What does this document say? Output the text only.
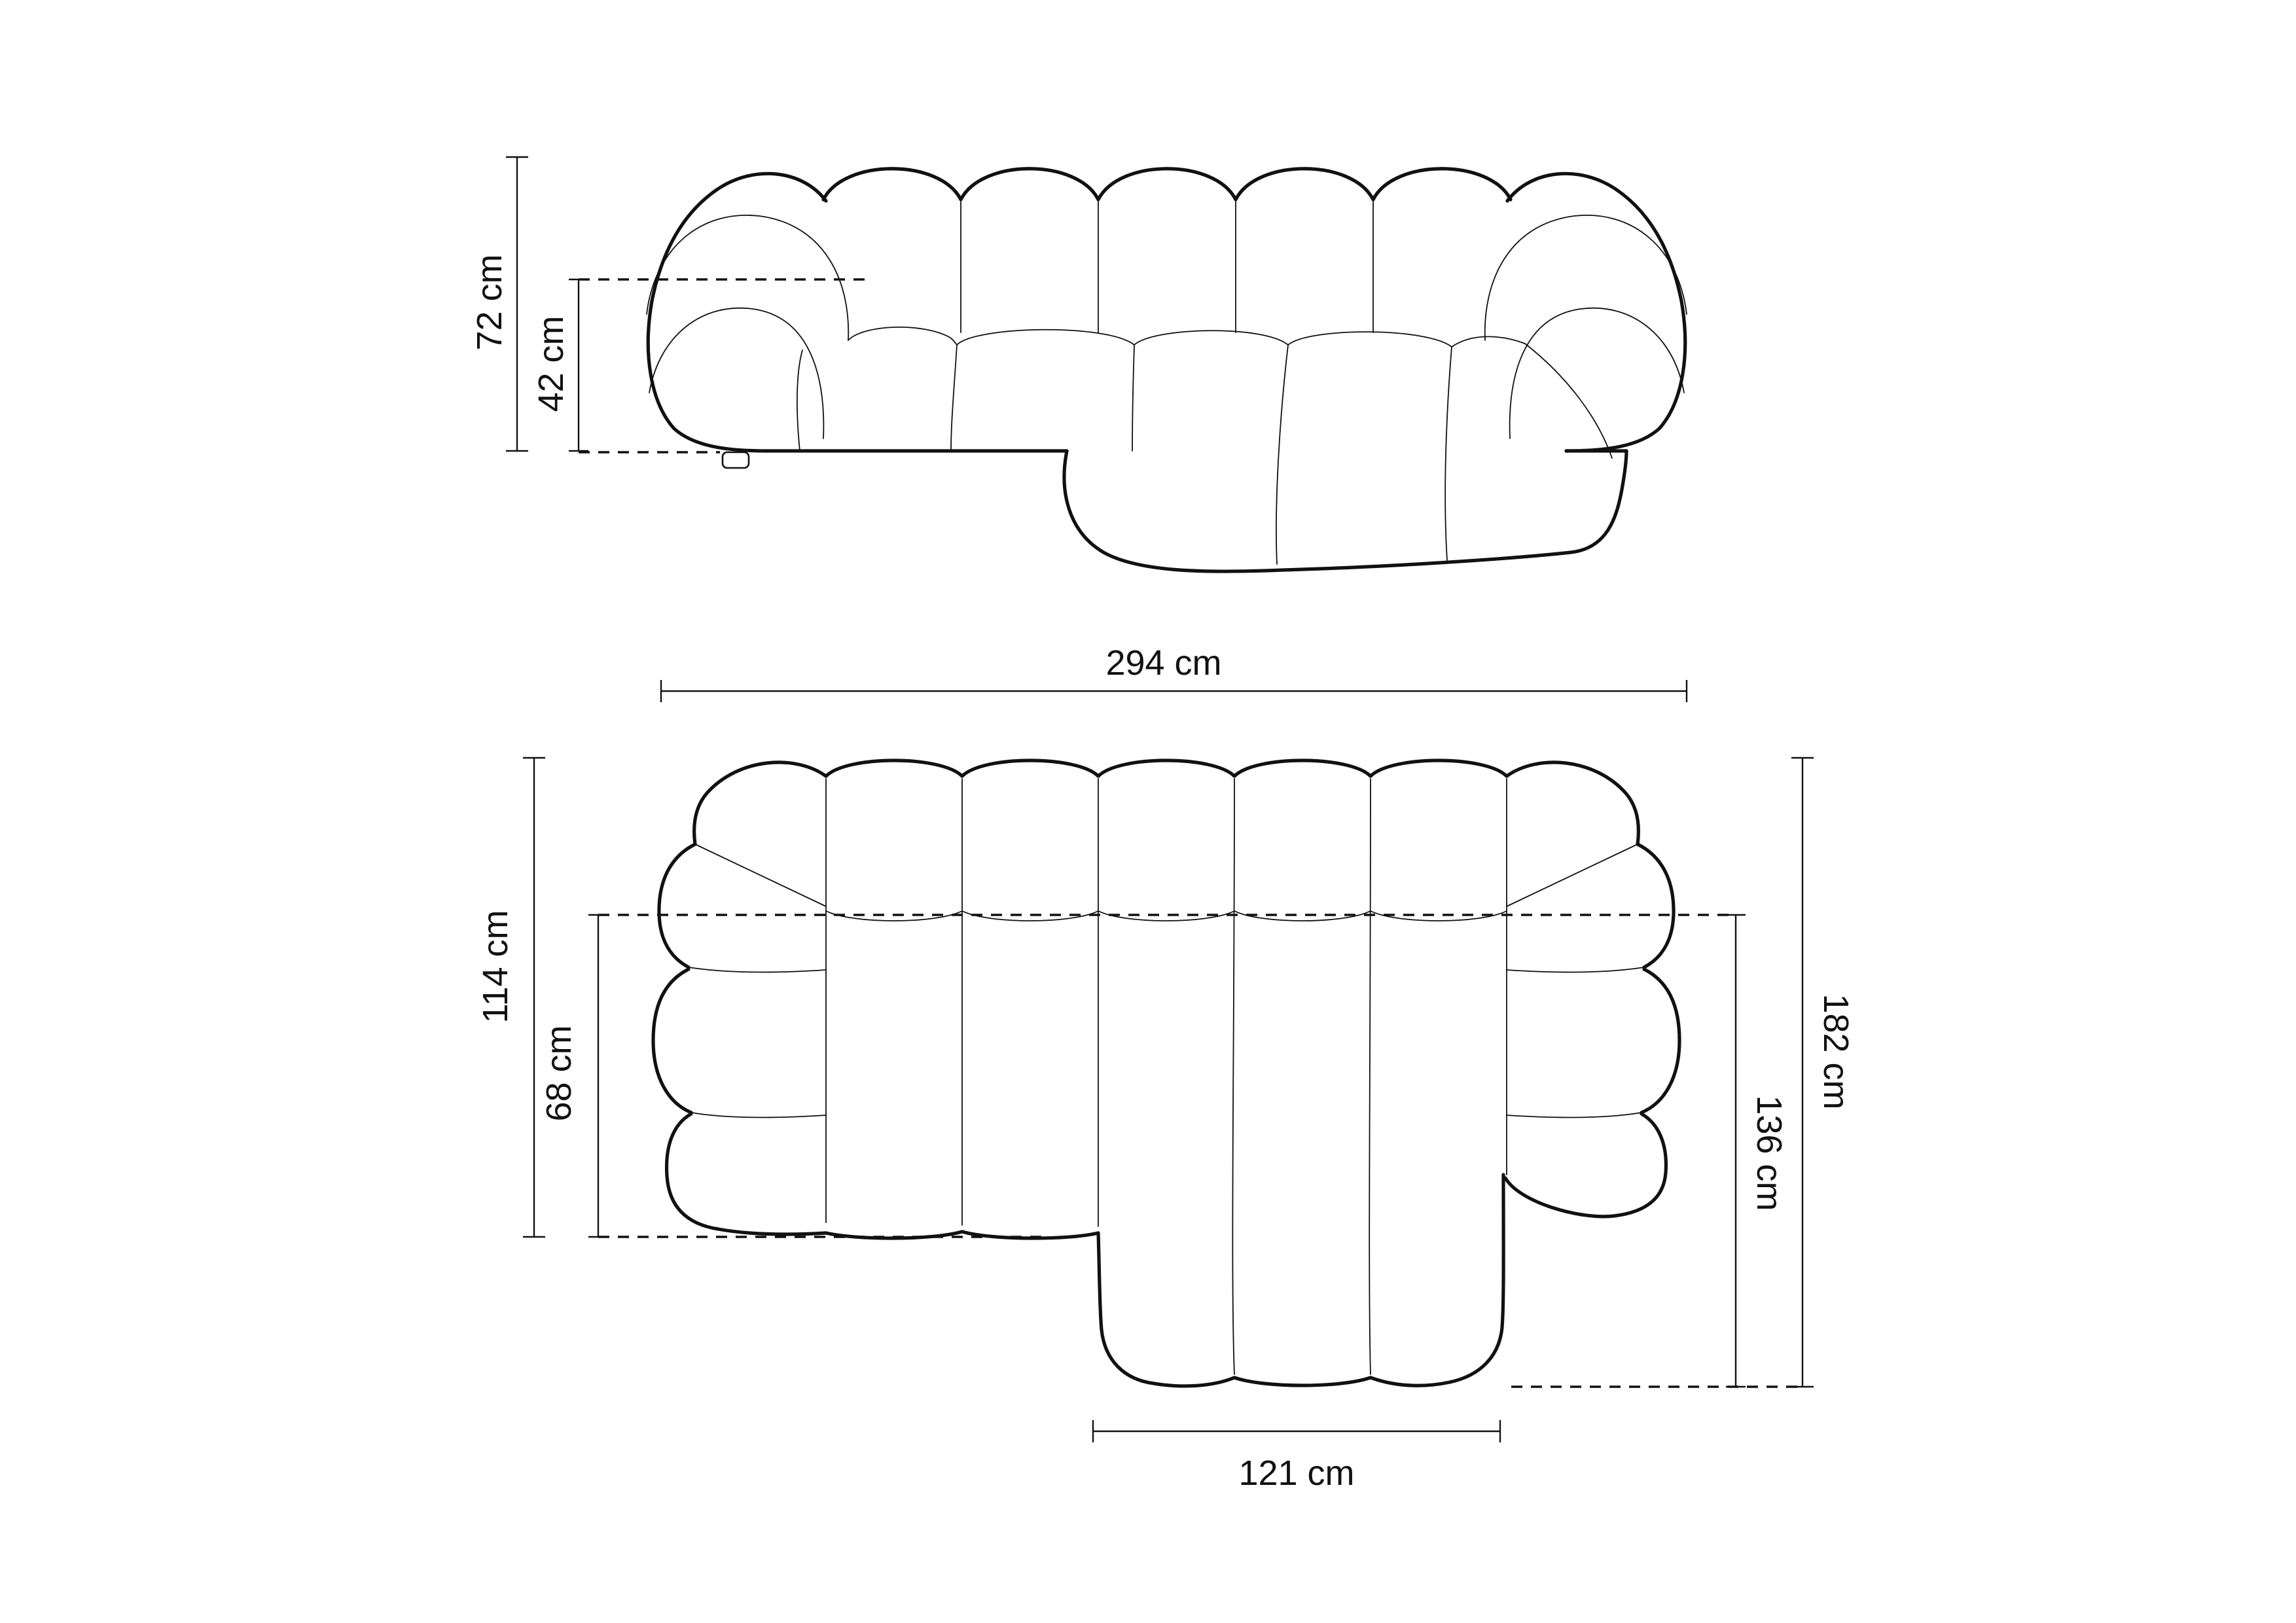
72 cm
42 cm
294 cm
114 cm
68 cm
136 cm
182 cm
121 cm
